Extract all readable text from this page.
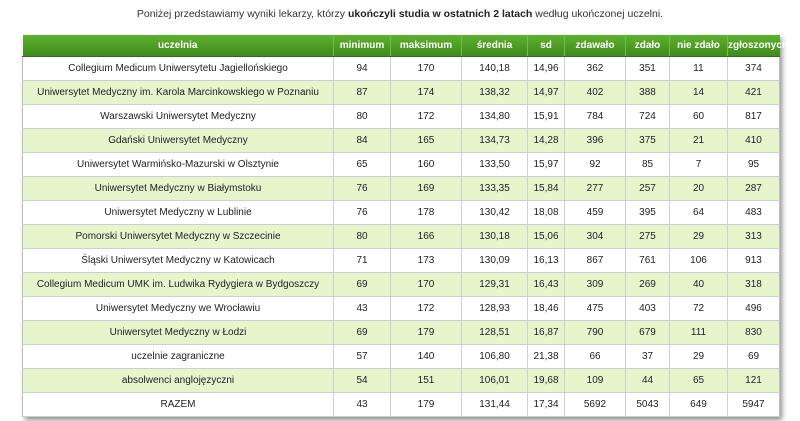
Poniżej przedstawiamy wyniki lekarzy, którzy ukończyli studia w ostatnich 2 latach według ukończonej uczelni.
uczelnia	minimum	maksimum	średnia	sd	zdawało	zdało	nie zdało	zgłoszonych
Collegium Medicum Uniwersytetu Jagiellońskiego	94	170	140,18	14,96	362	351	11	374
Uniwersytet Medyczny im. Karola Marcinkowskiego w Poznaniu	87	174	138,32	14,97	402	388	14	421
Warszawski Uniwersytet Medyczny	80	172	134,80	15,91	784	724	60	817
Gdański Uniwersytet Medyczny	84	165	134,73	14,28	396	375	21	410
Uniwersytet Warmińsko-Mazurski w Olsztynie	65	160	133,50	15,97	92	85	7	95
Uniwersytet Medyczny w Białymstoku	76	169	133,35	15,84	277	257	20	287
Uniwersytet Medyczny w Lublinie	76	178	130,42	18,08	459	395	64	483
Pomorski Uniwersytet Medyczny w Szczecinie	80	166	130,18	15,06	304	275	29	313
Śląski Uniwersytet Medyczny w Katowicach	71	173	130,09	16,13	867	761	106	913
Collegium Medicum UMK im. Ludwika Rydygiera w Bydgoszczy	69	170	129,31	16,43	309	269	40	318
Uniwersytet Medyczny we Wrocławiu	43	172	128,93	18,46	475	403	72	496
Uniwersytet Medyczny w Łodzi	69	179	128,51	16,87	790	679	111	830
uczelnie zagraniczne	57	140	106,80	21,38	66	37	29	69
absolwenci anglojęzyczni	54	151	106,01	19,68	109	44	65	121
RAZEM	43	179	131,44	17,34	5692	5043	649	5947
